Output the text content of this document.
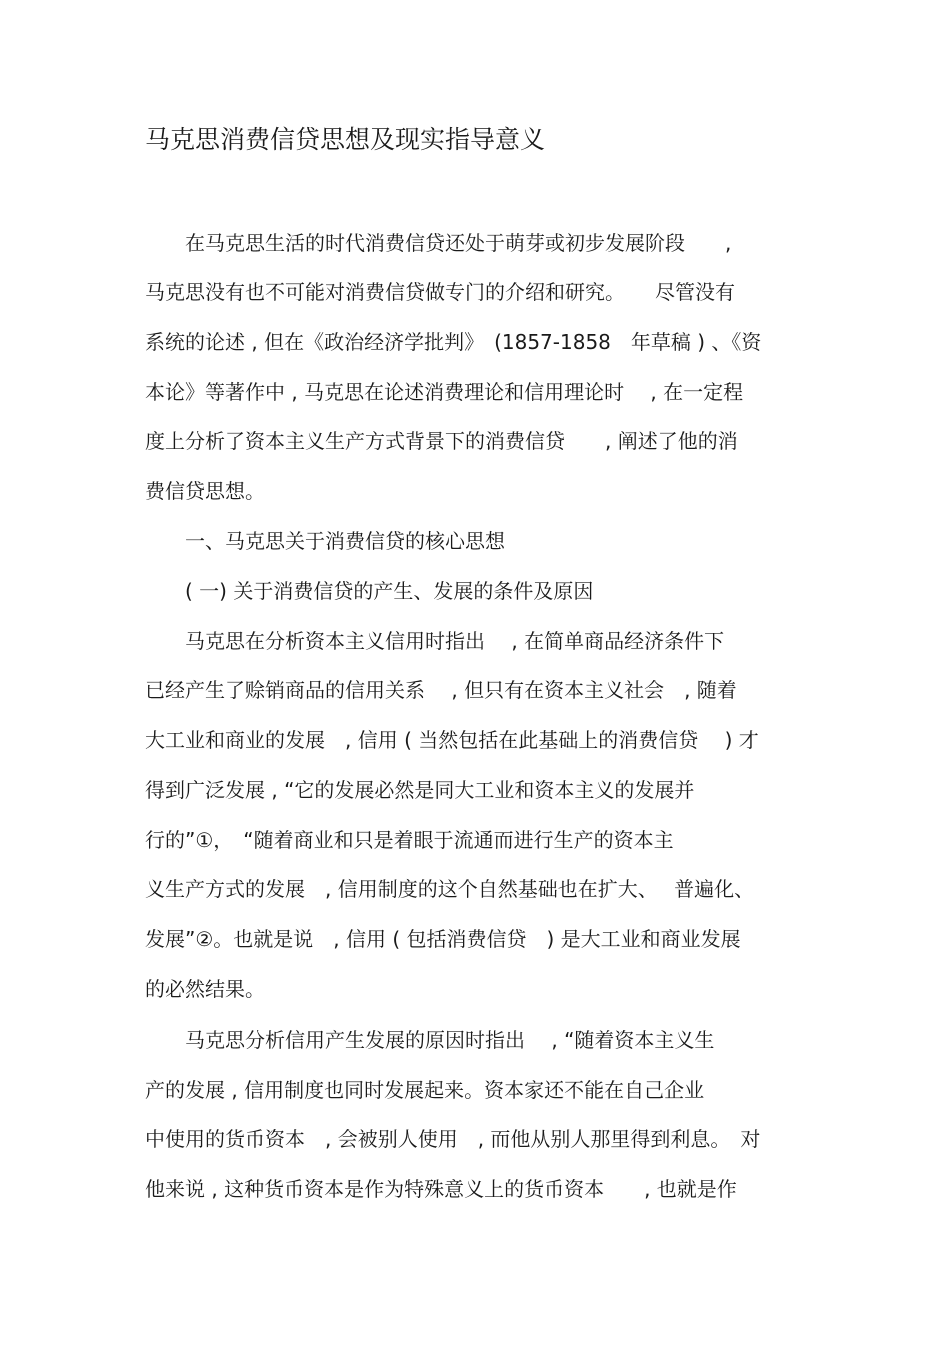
马克思消费信贷思想及现实指导意义

　　在马克思生活的时代消费信贷还处于萌芽或初步发展阶段　　,

马克思没有也不可能对消费信贷做专门的介绍和研究。　　尽管没有

系统的论述 , 但在《政治经济学批判》　(1857-1858　年草稿 ) 、《资

本论》等著作中 , 马克思在论述消费理论和信用理论时　 , 在一定程

度上分析了资本主义生产方式背景下的消费信贷　　, 阐述了他的消

费信贷思想。

　　一、马克思关于消费信贷的核心思想

　　( 一) 关于消费信贷的产生、发展的条件及原因

　　马克思在分析资本主义信用时指出　 , 在简单商品经济条件下

已经产生了赊销商品的信用关系　 , 但只有在资本主义社会　, 随着

大工业和商业的发展　, 信用 ( 当然包括在此基础上的消费信贷　 ) 才

得到广泛发展 , “它的发展必然是同大工业和资本主义的发展并

行的”①，　“随着商业和只是着眼于流通而进行生产的资本主

义生产方式的发展　, 信用制度的这个自然基础也在扩大、　 普遍化、

发展”②。也就是说　, 信用 ( 包括消费信贷　) 是大工业和商业发展

的必然结果。

　　马克思分析信用产生发展的原因时指出　 , “随着资本主义生

产的发展 , 信用制度也同时发展起来。资本家还不能在自己企业

中使用的货币资本　, 会被别人使用　, 而他从别人那里得到利息。　对

他来说 , 这种货币资本是作为特殊意义上的货币资本　　, 也就是作
